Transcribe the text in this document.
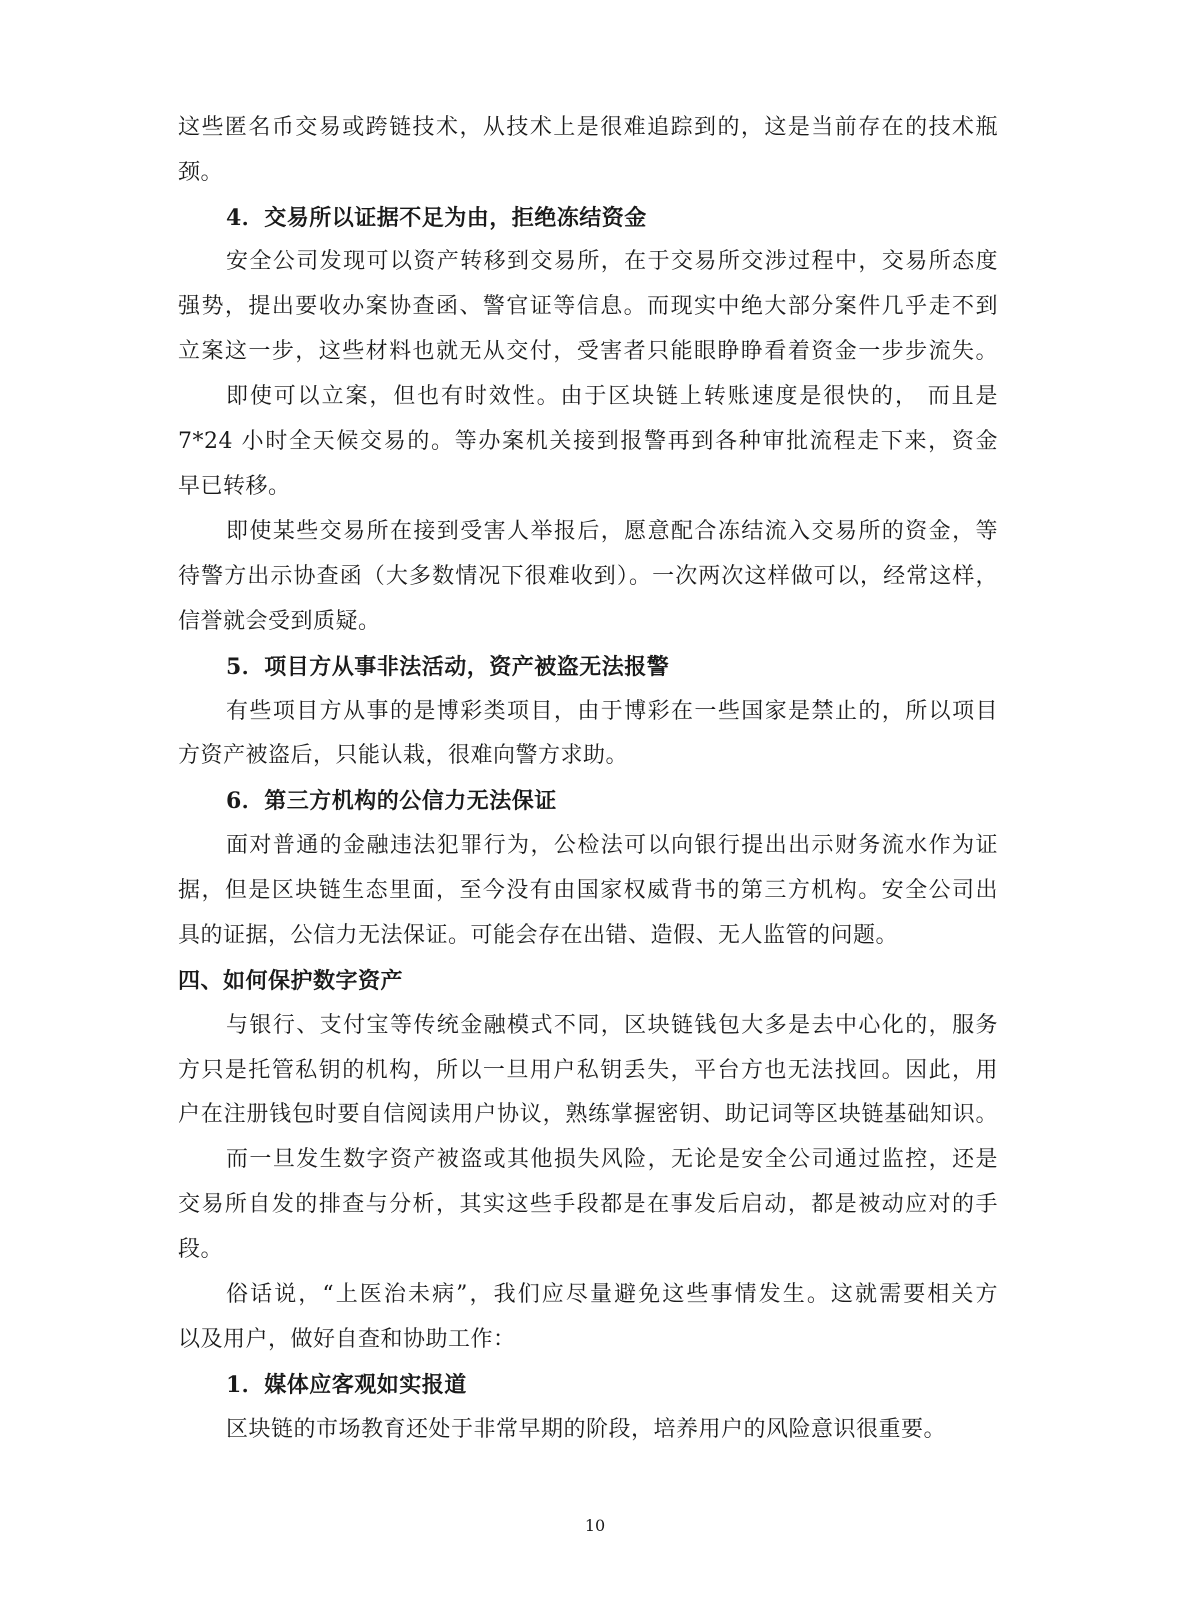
这些匿名币交易或跨链技术，从技术上是很难追踪到的，这是当前存在的技术瓶
颈。
4．交易所以证据不足为由，拒绝冻结资金
安全公司发现可以资产转移到交易所，在于交易所交涉过程中，交易所态度
强势，提出要收办案协查函、警官证等信息。而现实中绝大部分案件几乎走不到
立案这一步，这些材料也就无从交付，受害者只能眼睁睁看着资金一步步流失。
即使可以立案，但也有时效性。由于区块链上转账速度是很快的， 而且是
7*24 小时全天候交易的。等办案机关接到报警再到各种审批流程走下来，资金
早已转移。
即使某些交易所在接到受害人举报后，愿意配合冻结流入交易所的资金，等
待警方出示协查函（大多数情况下很难收到）。一次两次这样做可以，经常这样，
信誉就会受到质疑。
5．项目方从事非法活动，资产被盗无法报警
有些项目方从事的是博彩类项目，由于博彩在一些国家是禁止的，所以项目
方资产被盗后，只能认栽，很难向警方求助。
6．第三方机构的公信力无法保证
面对普通的金融违法犯罪行为，公检法可以向银行提出出示财务流水作为证
据，但是区块链生态里面，至今没有由国家权威背书的第三方机构。安全公司出
具的证据，公信力无法保证。可能会存在出错、造假、无人监管的问题。
四、如何保护数字资产
与银行、支付宝等传统金融模式不同，区块链钱包大多是去中心化的，服务
方只是托管私钥的机构，所以一旦用户私钥丢失，平台方也无法找回。因此，用
户在注册钱包时要自信阅读用户协议，熟练掌握密钥、助记词等区块链基础知识。
而一旦发生数字资产被盗或其他损失风险，无论是安全公司通过监控，还是
交易所自发的排查与分析，其实这些手段都是在事发后启动，都是被动应对的手
段。
俗话说，“上医治未病”，我们应尽量避免这些事情发生。这就需要相关方
以及用户，做好自查和协助工作：
1．媒体应客观如实报道
区块链的市场教育还处于非常早期的阶段，培养用户的风险意识很重要。
10
